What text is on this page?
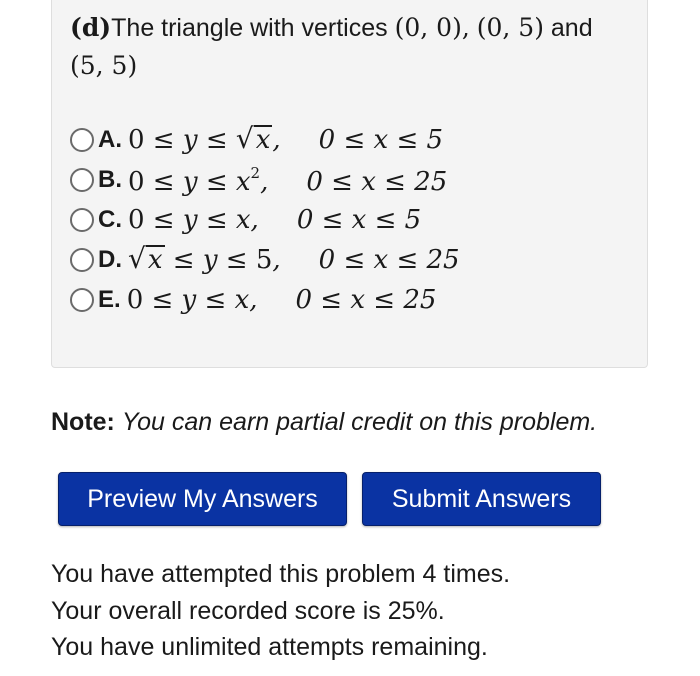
(d)The triangle with vertices (0, 0), (0, 5) and
(5, 5)
A. 0 ≤ y ≤ √ x , 0 ≤ x ≤ 5
B. $0 \le y \le x^2$, 0 ≤ x ≤ 25
C. 0 ≤ y ≤ x, 0 ≤ x ≤ 5
D. √ x ≤ y ≤ 5, 0 ≤ x ≤ 25
E. 0 ≤ y ≤ x, 0 ≤ x ≤ 25
Note: You can earn partial credit on this problem.
Preview My Answers	Submit Answers
You have attempted this problem 4 times.
Your overall recorded score is 25%.
You have unlimited attempts remaining.
